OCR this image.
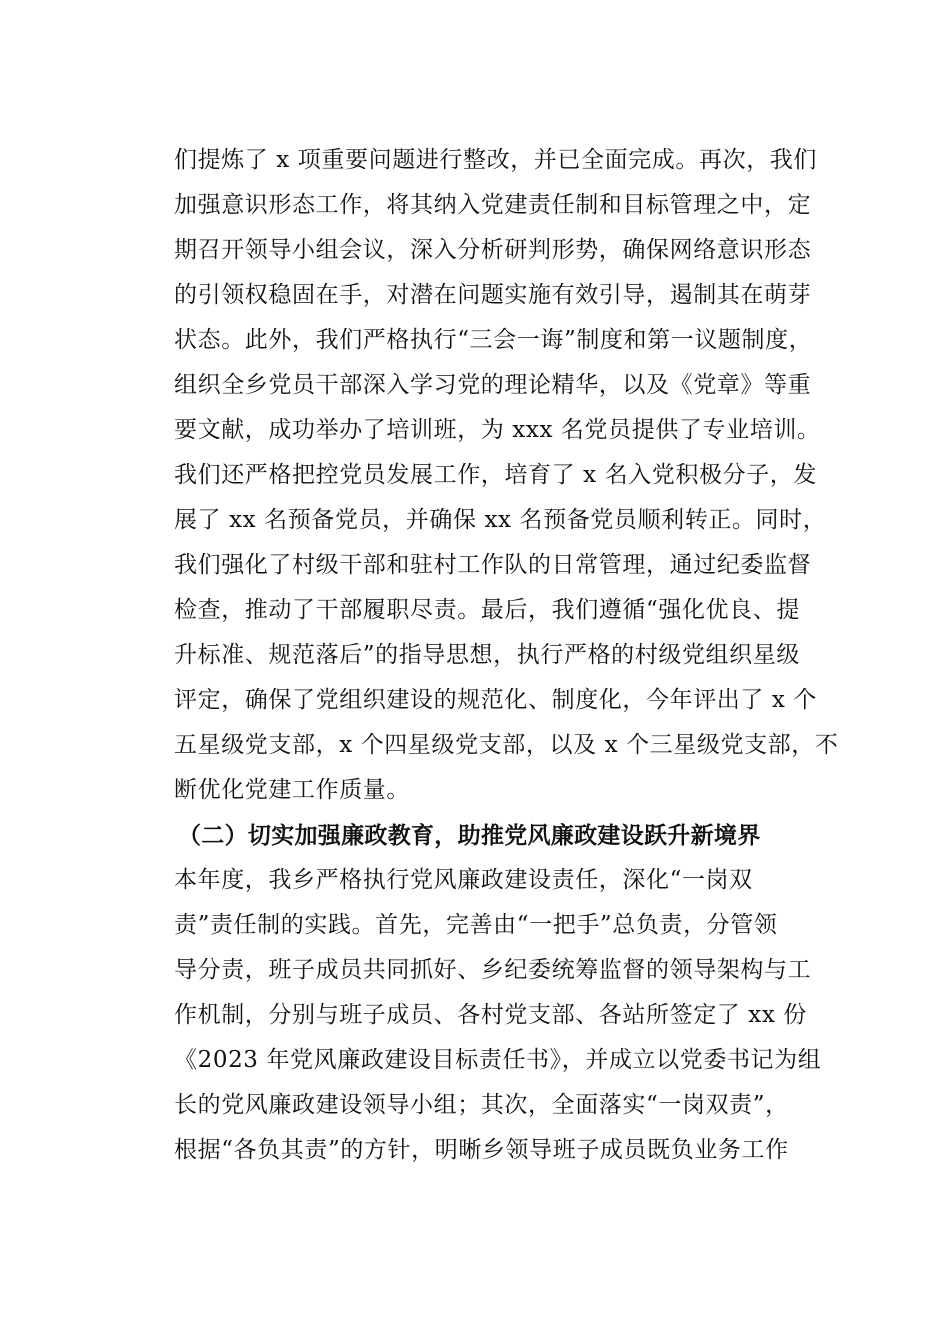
们提炼了 x 项重要问题进行整改，并已全面完成。再次，我们
加强意识形态工作，将其纳入党建责任制和目标管理之中，定
期召开领导小组会议，深入分析研判形势，确保网络意识形态
的引领权稳固在手，对潜在问题实施有效引导，遏制其在萌芽
状态。此外，我们严格执行“三会一诲”制度和第一议题制度，
组织全乡党员干部深入学习党的理论精华，以及《党章》等重
要文献，成功举办了培训班，为 xxx 名党员提供了专业培训。
我们还严格把控党员发展工作，培育了 x 名入党积极分子，发
展了 xx 名预备党员，并确保 xx 名预备党员顺利转正。同时，
我们强化了村级干部和驻村工作队的日常管理，通过纪委监督
检查，推动了干部履职尽责。最后，我们遵循“强化优良、提
升标准、规范落后”的指导思想，执行严格的村级党组织星级
评定，确保了党组织建设的规范化、制度化，今年评出了 x 个
五星级党支部，x 个四星级党支部，以及 x 个三星级党支部，不
断优化党建工作质量。
（二）切实加强廉政教育，助推党风廉政建设跃升新境界
本年度，我乡严格执行党风廉政建设责任，深化“一岗双
责”责任制的实践。首先，完善由“一把手”总负责，分管领
导分责，班子成员共同抓好、乡纪委统筹监督的领导架构与工
作机制，分别与班子成员、各村党支部、各站所签定了 xx 份
《2023 年党风廉政建设目标责任书》，并成立以党委书记为组
长的党风廉政建设领导小组；其次，全面落实“一岗双责”，
根据“各负其责”的方针，明晰乡领导班子成员既负业务工作
